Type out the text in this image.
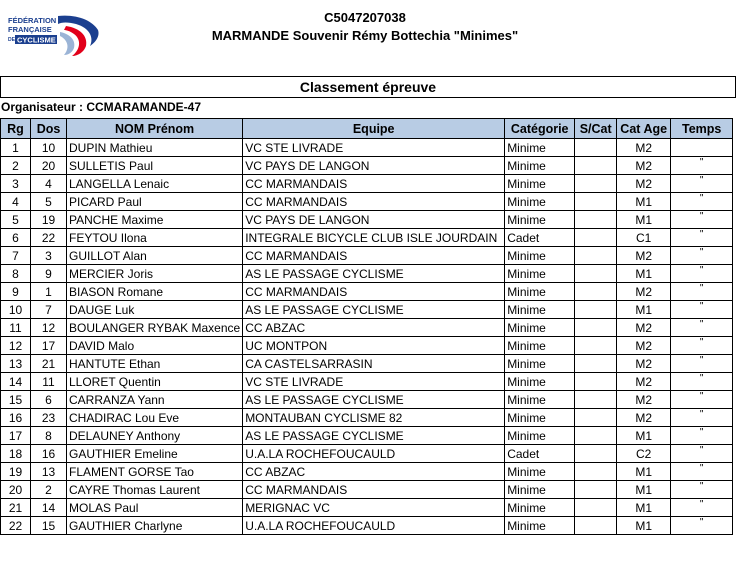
FÉDÉRATION
FRANÇAISE
DE CYCLISME
C5047207038
MARMANDE Souvenir Rémy Bottechia "Minimes"
Classement épreuve
Organisateur : CCMARAMANDE-47
Rg	Dos	NOM Prénom	Equipe	Catégorie	S/Cat	Cat Age	Temps
1	10	DUPIN Mathieu	VC STE LIVRADE	Minime		M2	
2	20	SULLETIS Paul	VC PAYS DE LANGON	Minime		M2	"
3	4	LANGELLA Lenaic	CC MARMANDAIS	Minime		M2	"
4	5	PICARD Paul	CC MARMANDAIS	Minime		M1	"
5	19	PANCHE Maxime	VC PAYS DE LANGON	Minime		M1	"
6	22	FEYTOU Ilona	INTEGRALE BICYCLE CLUB ISLE JOURDAIN	Cadet		C1	"
7	3	GUILLOT Alan	CC MARMANDAIS	Minime		M2	"
8	9	MERCIER Joris	AS LE PASSAGE CYCLISME	Minime		M1	"
9	1	BIASON Romane	CC MARMANDAIS	Minime		M2	"
10	7	DAUGE Luk	AS LE PASSAGE CYCLISME	Minime		M1	"
11	12	BOULANGER RYBAK Maxence	CC ABZAC	Minime		M2	"
12	17	DAVID Malo	UC MONTPON	Minime		M2	"
13	21	HANTUTE Ethan	CA CASTELSARRASIN	Minime		M2	"
14	11	LLORET Quentin	VC STE LIVRADE	Minime		M2	"
15	6	CARRANZA Yann	AS LE PASSAGE CYCLISME	Minime		M2	"
16	23	CHADIRAC Lou Eve	MONTAUBAN CYCLISME 82	Minime		M2	"
17	8	DELAUNEY Anthony	AS LE PASSAGE CYCLISME	Minime		M1	"
18	16	GAUTHIER Emeline	U.A.LA ROCHEFOUCAULD	Cadet		C2	"
19	13	FLAMENT GORSE Tao	CC ABZAC	Minime		M1	"
20	2	CAYRE Thomas Laurent	CC MARMANDAIS	Minime		M1	"
21	14	MOLAS Paul	MERIGNAC VC	Minime		M1	"
22	15	GAUTHIER Charlyne	U.A.LA ROCHEFOUCAULD	Minime		M1	"
